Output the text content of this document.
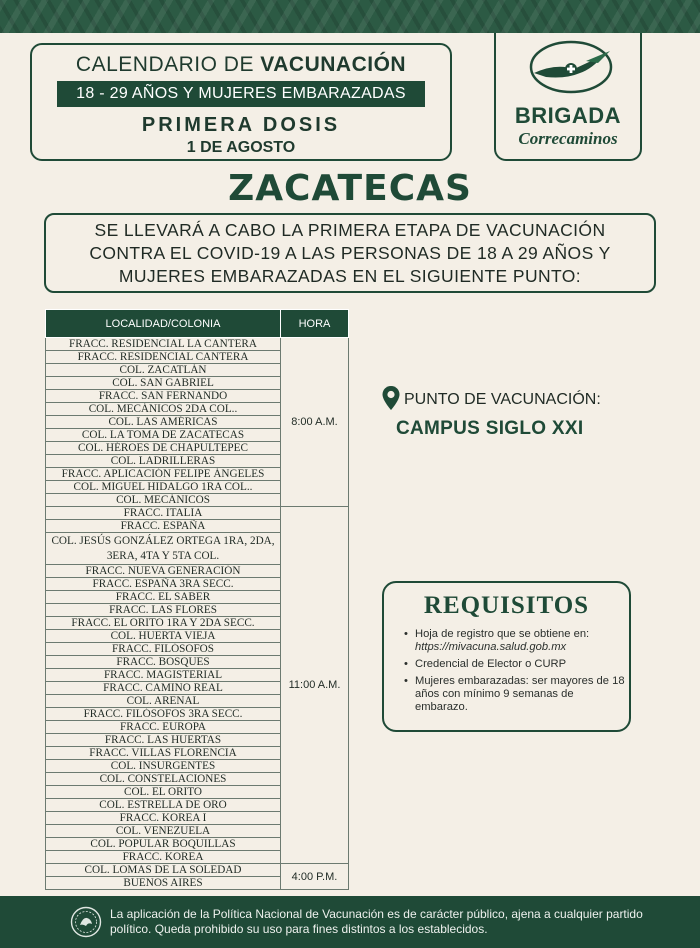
CALENDARIO DE VACUNACIÓN
18 - 29 AÑOS Y MUJERES EMBARAZADAS
PRIMERA DOSIS
1 DE AGOSTO
BRIGADA
Correcaminos
ZACATECAS
SE LLEVARÁ A CABO LA PRIMERA ETAPA DE VACUNACIÓN
CONTRA EL COVID-19 A LAS PERSONAS DE 18 A 29 AÑOS Y
MUJERES EMBARAZADAS EN EL SIGUIENTE PUNTO:
LOCALIDAD/COLONIA	HORA
FRACC. RESIDENCIAL LA CANTERA	8:00 A.M.
FRACC. RESIDENCIAL CANTERA	
COL. ZACATLÁN	
COL. SAN GABRIEL	
FRACC. SAN FERNANDO	
COL. MECÁNICOS 2DA COL..	
COL. LAS AMÉRICAS	
COL. LA TOMA DE ZACATECAS	
COL. HÉROES DE CHAPULTEPEC	
COL. LADRILLERAS	
FRACC. APLICACIÓN FELIPE ÁNGELES	
COL. MIGUEL HIDALGO 1RA COL..	
COL. MECÁNICOS	
FRACC. ITALIA	11:00 A.M.
FRACC. ESPAÑA	
COL. JESÚS GONZÁLEZ ORTEGA 1RA, 2DA, 3ERA, 4TA Y 5TA COL.	
FRACC. NUEVA GENERACIÓN	
FRACC. ESPAÑA 3RA SECC.	
FRACC. EL SABER	
FRACC. LAS FLORES	
FRACC. EL ORITO 1RA Y 2DA SECC.	
COL. HUERTA VIEJA	
FRACC. FILÓSOFOS	
FRACC. BOSQUES	
FRACC. MAGISTERIAL	
FRACC. CAMINO REAL	
COL. ARENAL	
FRACC. FILÓSOFOS 3RA SECC.	
FRACC. EUROPA	
FRACC. LAS HUERTAS	
FRACC. VILLAS FLORENCIA	
COL. INSURGENTES	
COL. CONSTELACIONES	
COL. EL ORITO	
COL. ESTRELLA DE ORO	
FRACC. KOREA I	
COL. VENEZUELA	
COL. POPULAR BOQUILLAS	
FRACC. KOREA	
COL. LOMAS DE LA SOLEDAD	4:00 P.M.
BUENOS AIRES	
PUNTO DE VACUNACIÓN:
CAMPUS SIGLO XXI
REQUISITOS
• Hoja de registro que se obtiene en: https://mivacuna.salud.gob.mx
• Credencial de Elector o CURP
• Mujeres embarazadas: ser mayores de 18 años con mínimo 9 semanas de embarazo.
La aplicación de la Política Nacional de Vacunación es de carácter público, ajena a cualquier partido político. Queda prohibido su uso para fines distintos a los establecidos.
